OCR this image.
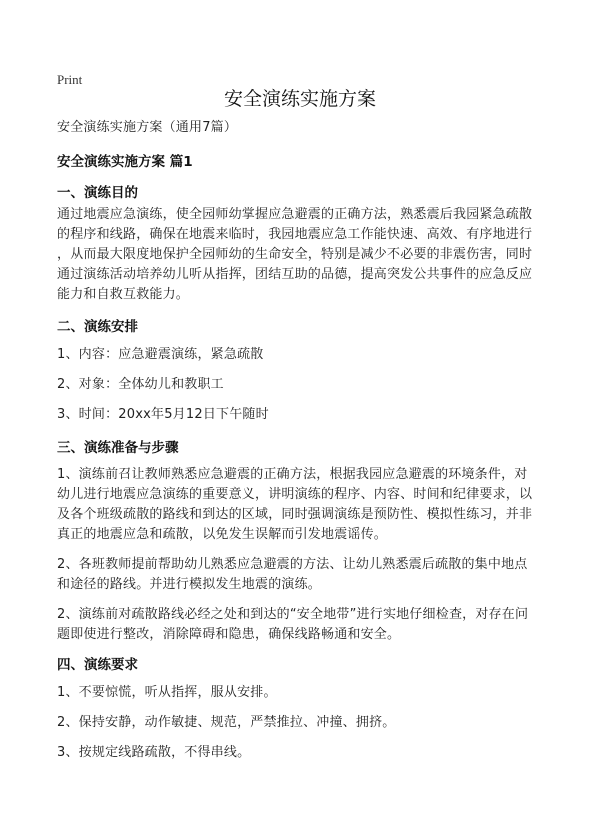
Print
安全演练实施方案
安全演练实施方案（通用7篇）
安全演练实施方案 篇1
一、演练目的
通过地震应急演练，使全园师幼掌握应急避震的正确方法，熟悉震后我园紧急疏散
的程序和线路，确保在地震来临时，我园地震应急工作能快速、高效、有序地进行
，从而最大限度地保护全园师幼的生命安全，特别是减少不必要的非震伤害，同时
通过演练活动培养幼儿听从指挥，团结互助的品德，提高突发公共事件的应急反应
能力和自救互救能力。
二、演练安排
1、内容：应急避震演练，紧急疏散
2、对象：全体幼儿和教职工
3、时间：20xx年5月12日下午随时
三、演练准备与步骤
1、演练前召让教师熟悉应急避震的正确方法，根据我园应急避震的环境条件，对
幼儿进行地震应急演练的重要意义，讲明演练的程序、内容、时间和纪律要求，以
及各个班级疏散的路线和到达的区域，同时强调演练是预防性、模拟性练习，并非
真正的地震应急和疏散，以免发生误解而引发地震谣传。
2、各班教师提前帮助幼儿熟悉应急避震的方法、让幼儿熟悉震后疏散的集中地点
和途径的路线。并进行模拟发生地震的演练。
2、演练前对疏散路线必经之处和到达的“安全地带”进行实地仔细检查，对存在问
题即使进行整改，消除障碍和隐患，确保线路畅通和安全。
四、演练要求
1、不要惊慌，听从指挥，服从安排。
2、保持安静，动作敏捷、规范，严禁推拉、冲撞、拥挤。
3、按规定线路疏散，不得串线。
